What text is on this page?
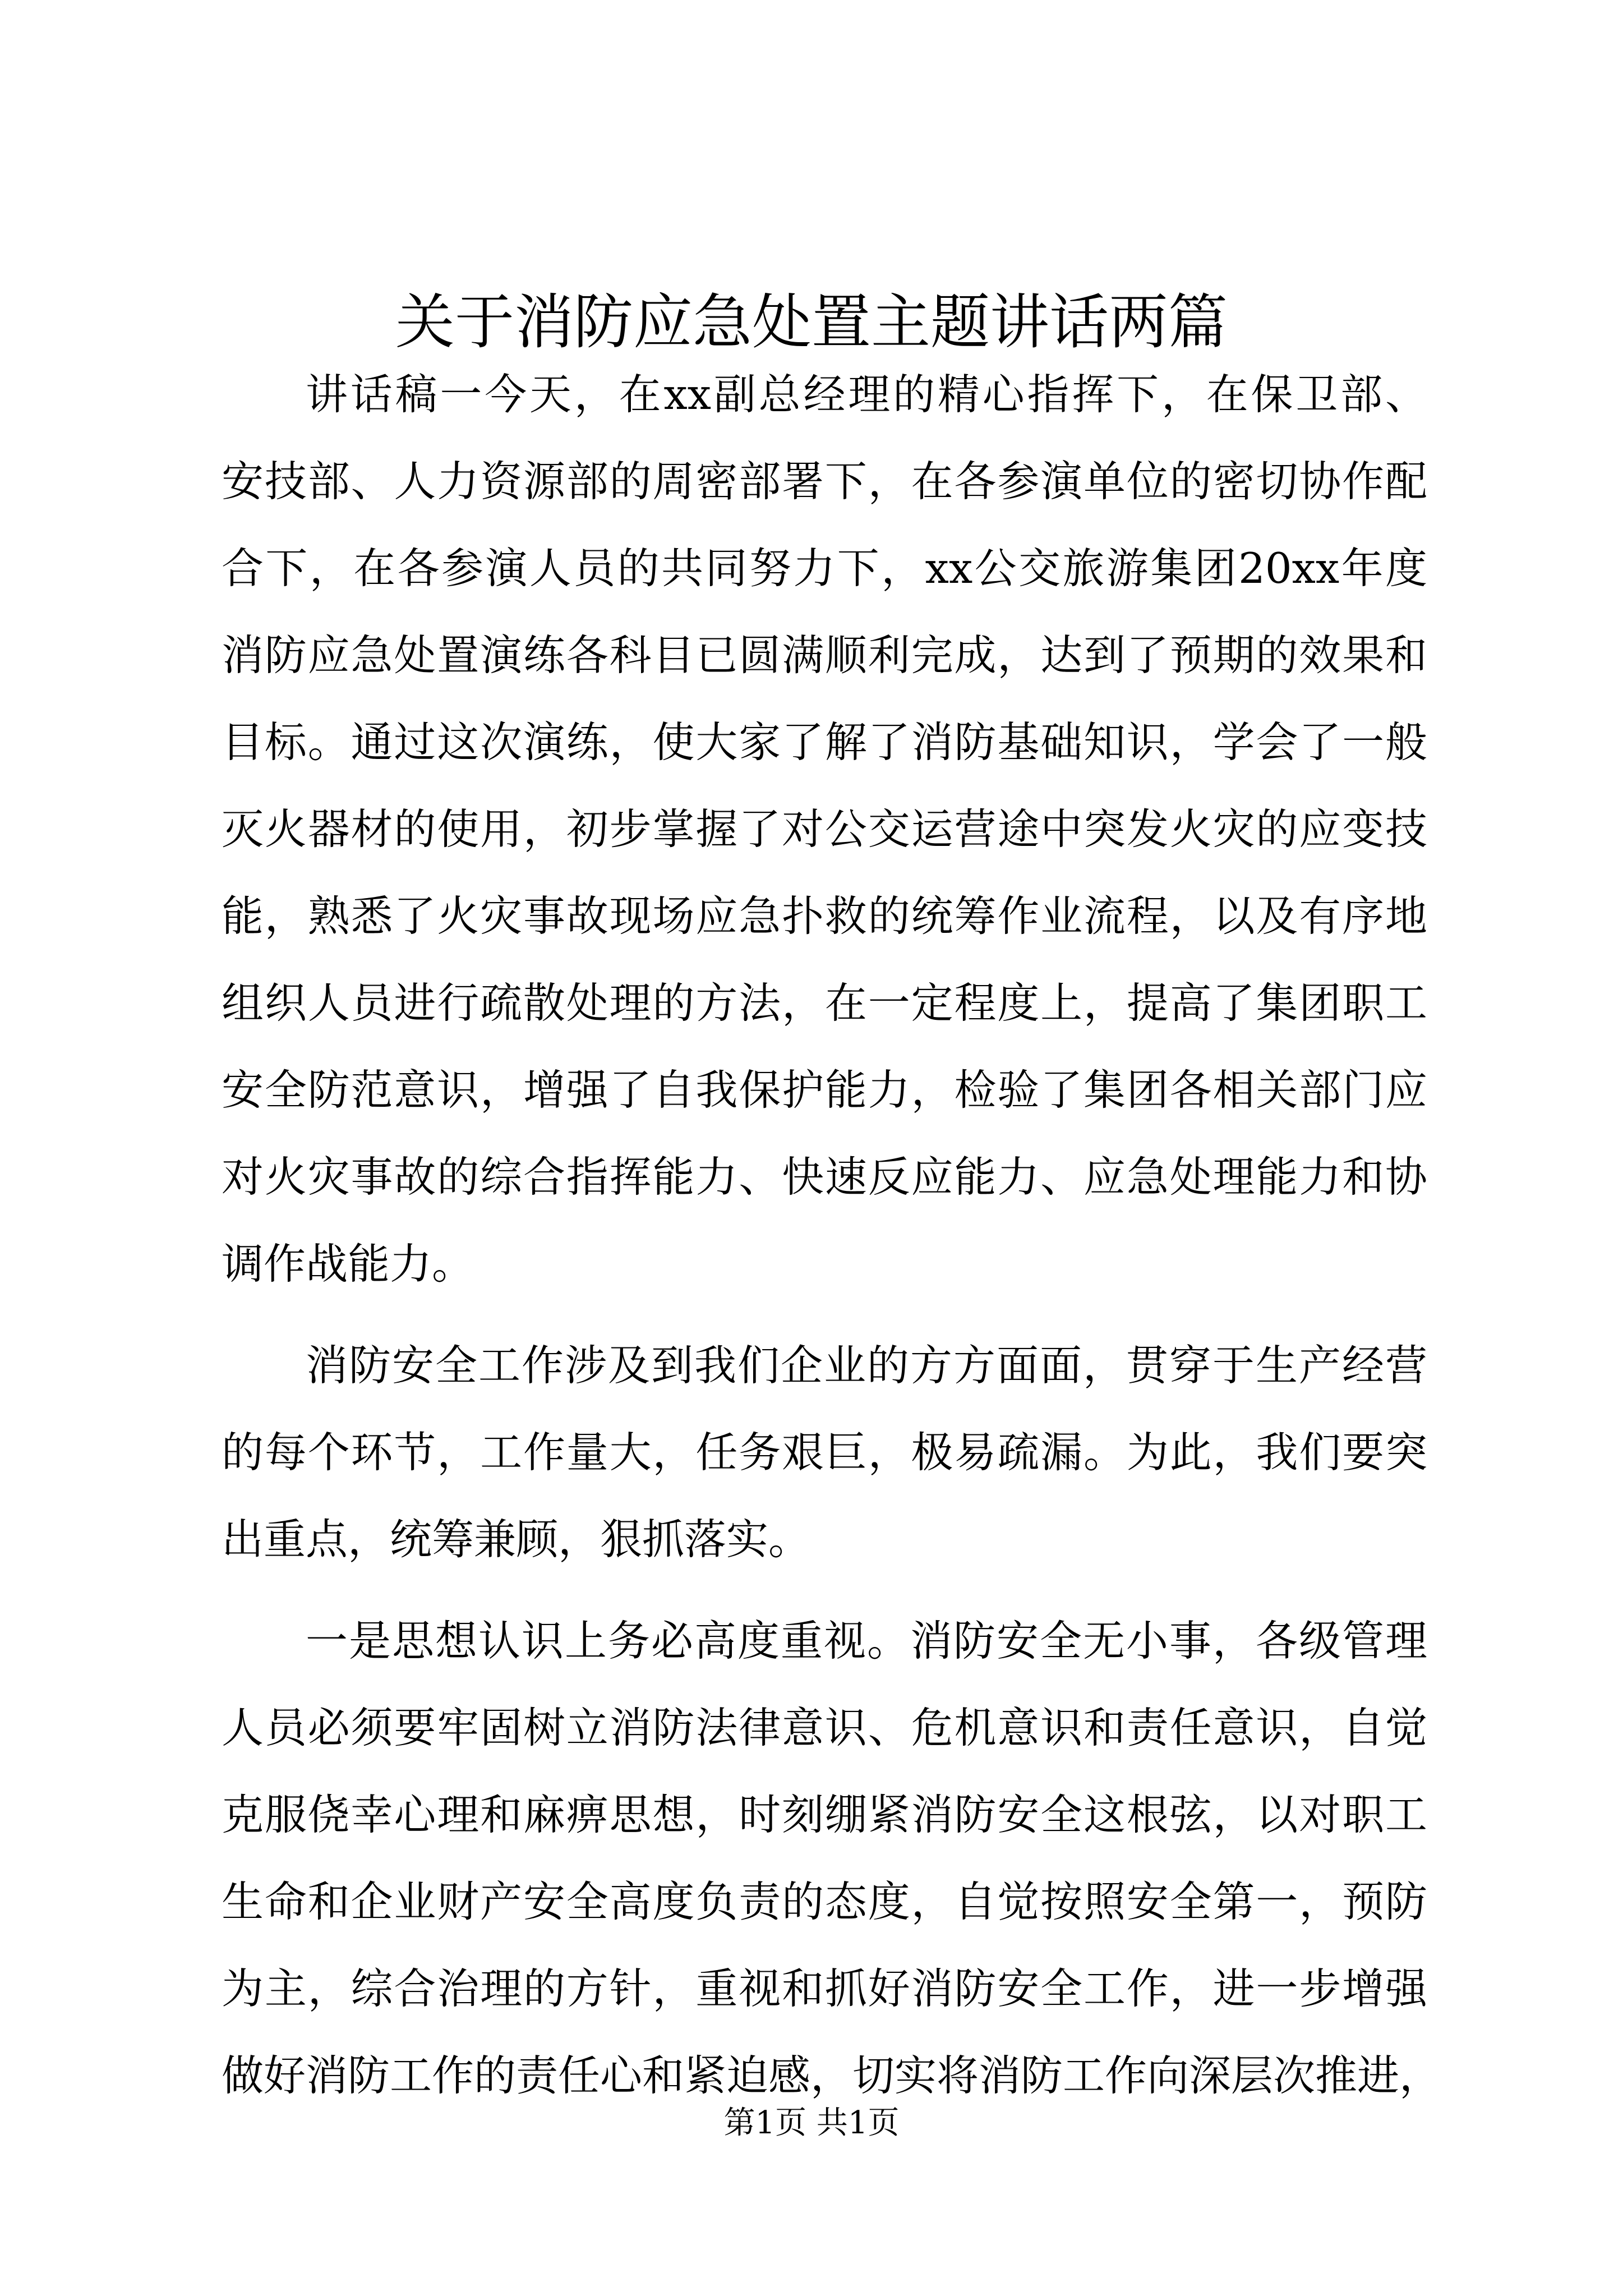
关于消防应急处置主题讲话两篇
讲话稿一今天，在xx副总经理的精心指挥下，在保卫部、
安技部、人力资源部的周密部署下，在各参演单位的密切协作配
合下，在各参演人员的共同努力下，xx公交旅游集团20xx年度
消防应急处置演练各科目已圆满顺利完成，达到了预期的效果和
目标。通过这次演练，使大家了解了消防基础知识，学会了一般
灭火器材的使用，初步掌握了对公交运营途中突发火灾的应变技
能，熟悉了火灾事故现场应急扑救的统筹作业流程，以及有序地
组织人员进行疏散处理的方法，在一定程度上，提高了集团职工
安全防范意识，增强了自我保护能力，检验了集团各相关部门应
对火灾事故的综合指挥能力、快速反应能力、应急处理能力和协
调作战能力。
消防安全工作涉及到我们企业的方方面面，贯穿于生产经营
的每个环节，工作量大，任务艰巨，极易疏漏。为此，我们要突
出重点，统筹兼顾，狠抓落实。
一是思想认识上务必高度重视。消防安全无小事，各级管理
人员必须要牢固树立消防法律意识、危机意识和责任意识，自觉
克服侥幸心理和麻痹思想，时刻绷紧消防安全这根弦，以对职工
生命和企业财产安全高度负责的态度，自觉按照安全第一，预防
为主，综合治理的方针，重视和抓好消防安全工作，进一步增强
做好消防工作的责任心和紧迫感，切实将消防工作向深层次推进，
第1页 共1页
